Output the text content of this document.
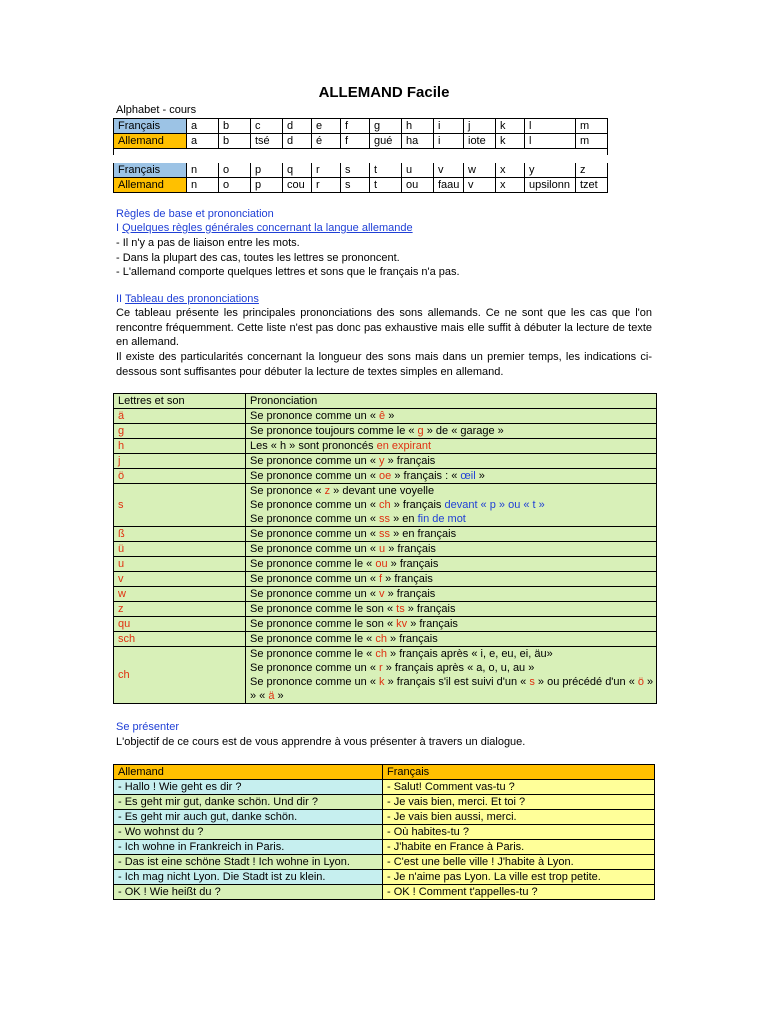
ALLEMAND Facile
Alphabet - cours
Français	a	b	c	d	e	f	g	h	i	j	k	l	m	
Allemand	a	b	tsé	d	é	f	gué	ha	i	iote	k	l	m	

Français	n	o	p	q	r	s	t	u	v	w	x	y	z	
Allemand	n	o	p	cou	r	s	t	ou	faau	v	x	upsilonn	tzet	
Règles de base et prononciation
I Quelques règles générales concernant la langue allemande
- Il n'y a pas de liaison entre les mots.
- Dans la plupart des cas, toutes les lettres se prononcent.
- L'allemand comporte quelques lettres et sons que le français n'a pas.
II Tableau des prononciations
Ce tableau présente les principales prononciations des sons allemands. Ce ne sont que les cas que l'on rencontre fréquemment. Cette liste n'est pas donc pas exhaustive mais elle suffit à débuter la lecture de texte en allemand.
Il existe des particularités concernant la longueur des sons mais dans un premier temps, les indications ci-dessous sont suffisantes pour débuter la lecture de textes simples en allemand.
Lettres et son	Prononciation
ä	Se prononce comme un « ê »

g	Se prononce toujours comme le « g » de « garage »

h	Les « h » sont prononcés en expirant

j	Se prononce comme un « y » français

ö	Se prononce comme un « oe » français : « œil »

s	Se prononce « z » devant une voyelle
Se prononce comme un « ch » français devant « p » ou « t »
Se prononce comme un « ss » en fin de mot

ß	Se prononce comme un « ss » en français

ü	Se prononce comme un « u » français

u	Se prononce comme le « ou » français

v	Se prononce comme un « f » français

w	Se prononce comme un « v » français

z	Se prononce comme le son « ts » français

qu	Se prononce comme le son « kv » français

sch	Se prononce comme le « ch » français

ch	Se prononce comme le « ch » français après « i, e, eu, ei, äu»
Se prononce comme un « r » français après « a, o, u, au »
Se prononce comme un « k » français s'il est suivi d'un « s » ou précédé d'un « ö »
» « ä »
Se présenter
L'objectif de ce cours est de vous apprendre à vous présenter à travers un dialogue.
Allemand	Français
- Hallo ! Wie geht es dir ?	- Salut! Comment vas-tu ?
- Es geht mir gut, danke schön. Und dir ?	- Je vais bien, merci. Et toi ?
- Es geht mir auch gut, danke schön.	- Je vais bien aussi, merci.
- Wo wohnst du ?	- Où habites-tu ?
- Ich wohne in Frankreich in Paris.	- J'habite en France à Paris.
- Das ist eine schöne Stadt ! Ich wohne in Lyon.	- C'est une belle ville ! J'habite à Lyon.
- Ich mag nicht Lyon. Die Stadt ist zu klein.	- Je n'aime pas Lyon. La ville est trop petite.
- OK ! Wie heißt du ?	- OK ! Comment t'appelles-tu ?
